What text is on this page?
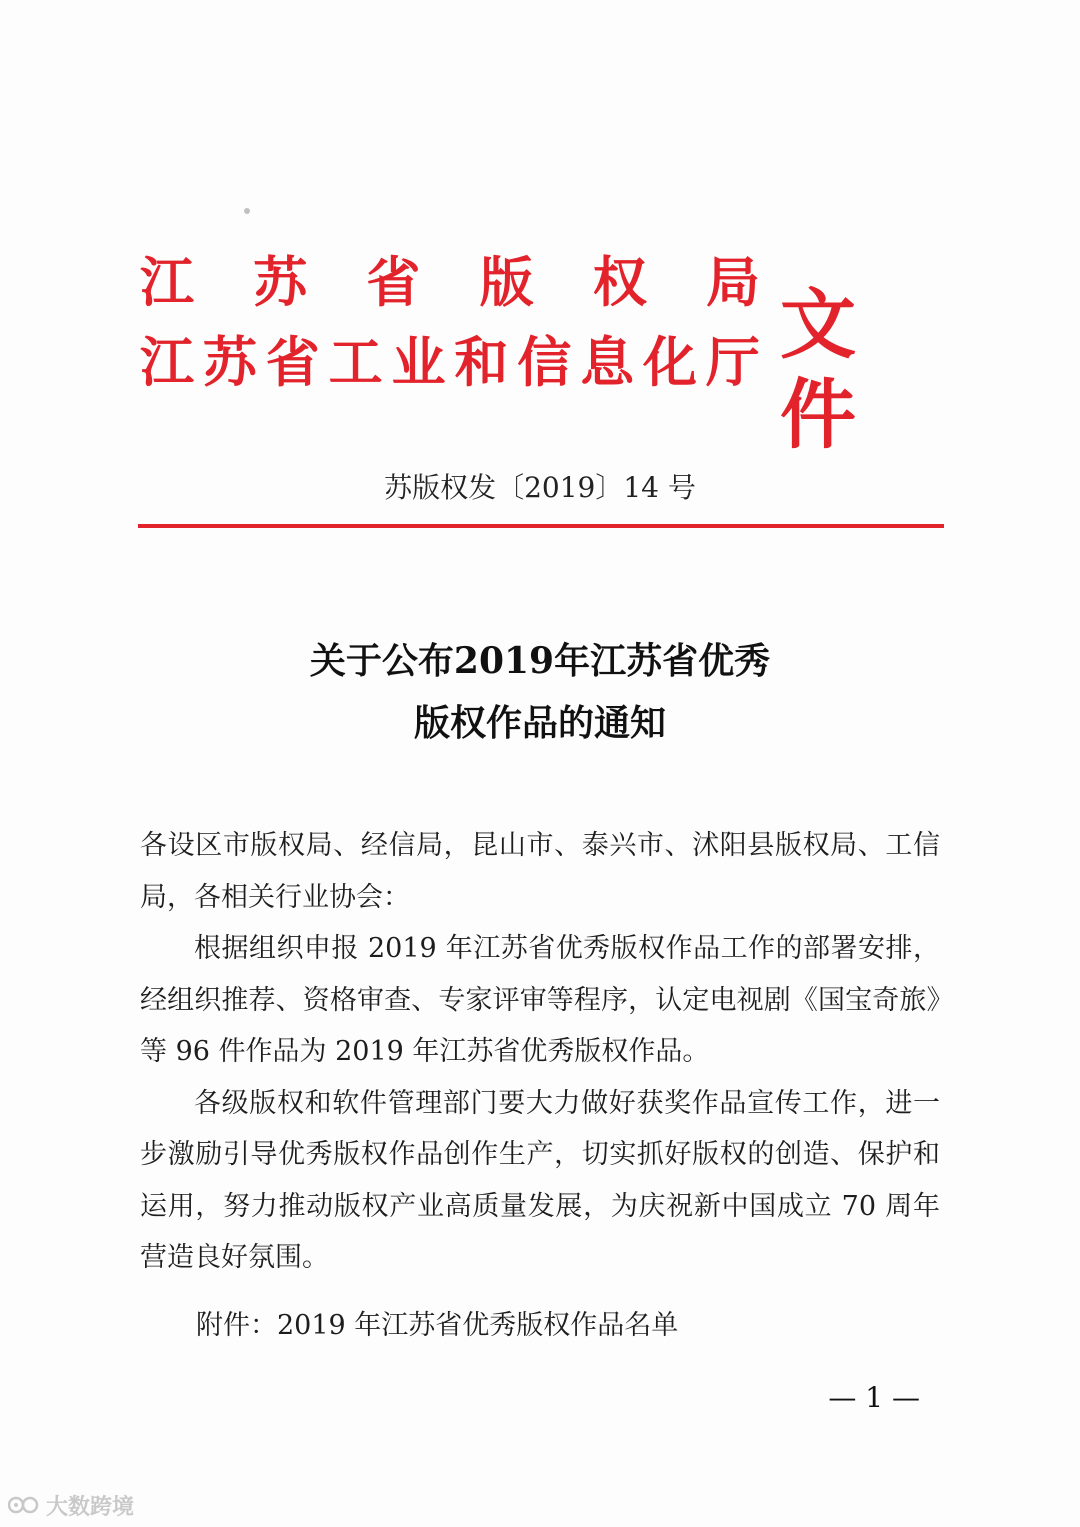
江 苏 省 版 权 局
江 苏 省 工 业 和 信 息 化 厅 文件
苏版权发〔2019〕14 号
关于公布2019年江苏省优秀
版权作品的通知

各设区市版权局、经信局，昆山市、泰兴市、沭阳县版权局、工信局，各相关行业协会：

根据组织申报 2019 年江苏省优秀版权作品工作的部署安排，经组织推荐、资格审查、专家评审等程序，认定电视剧《国宝奇旅》等 96 件作品为 2019 年江苏省优秀版权作品。

各级版权和软件管理部门要大力做好获奖作品宣传工作，进一步激励引导优秀版权作品创作生产，切实抓好版权的创造、保护和运用，努力推动版权产业高质量发展，为庆祝新中国成立 70 周年营造良好氛围。

附件：2019 年江苏省优秀版权作品名单
— 1 —
大数跨境
